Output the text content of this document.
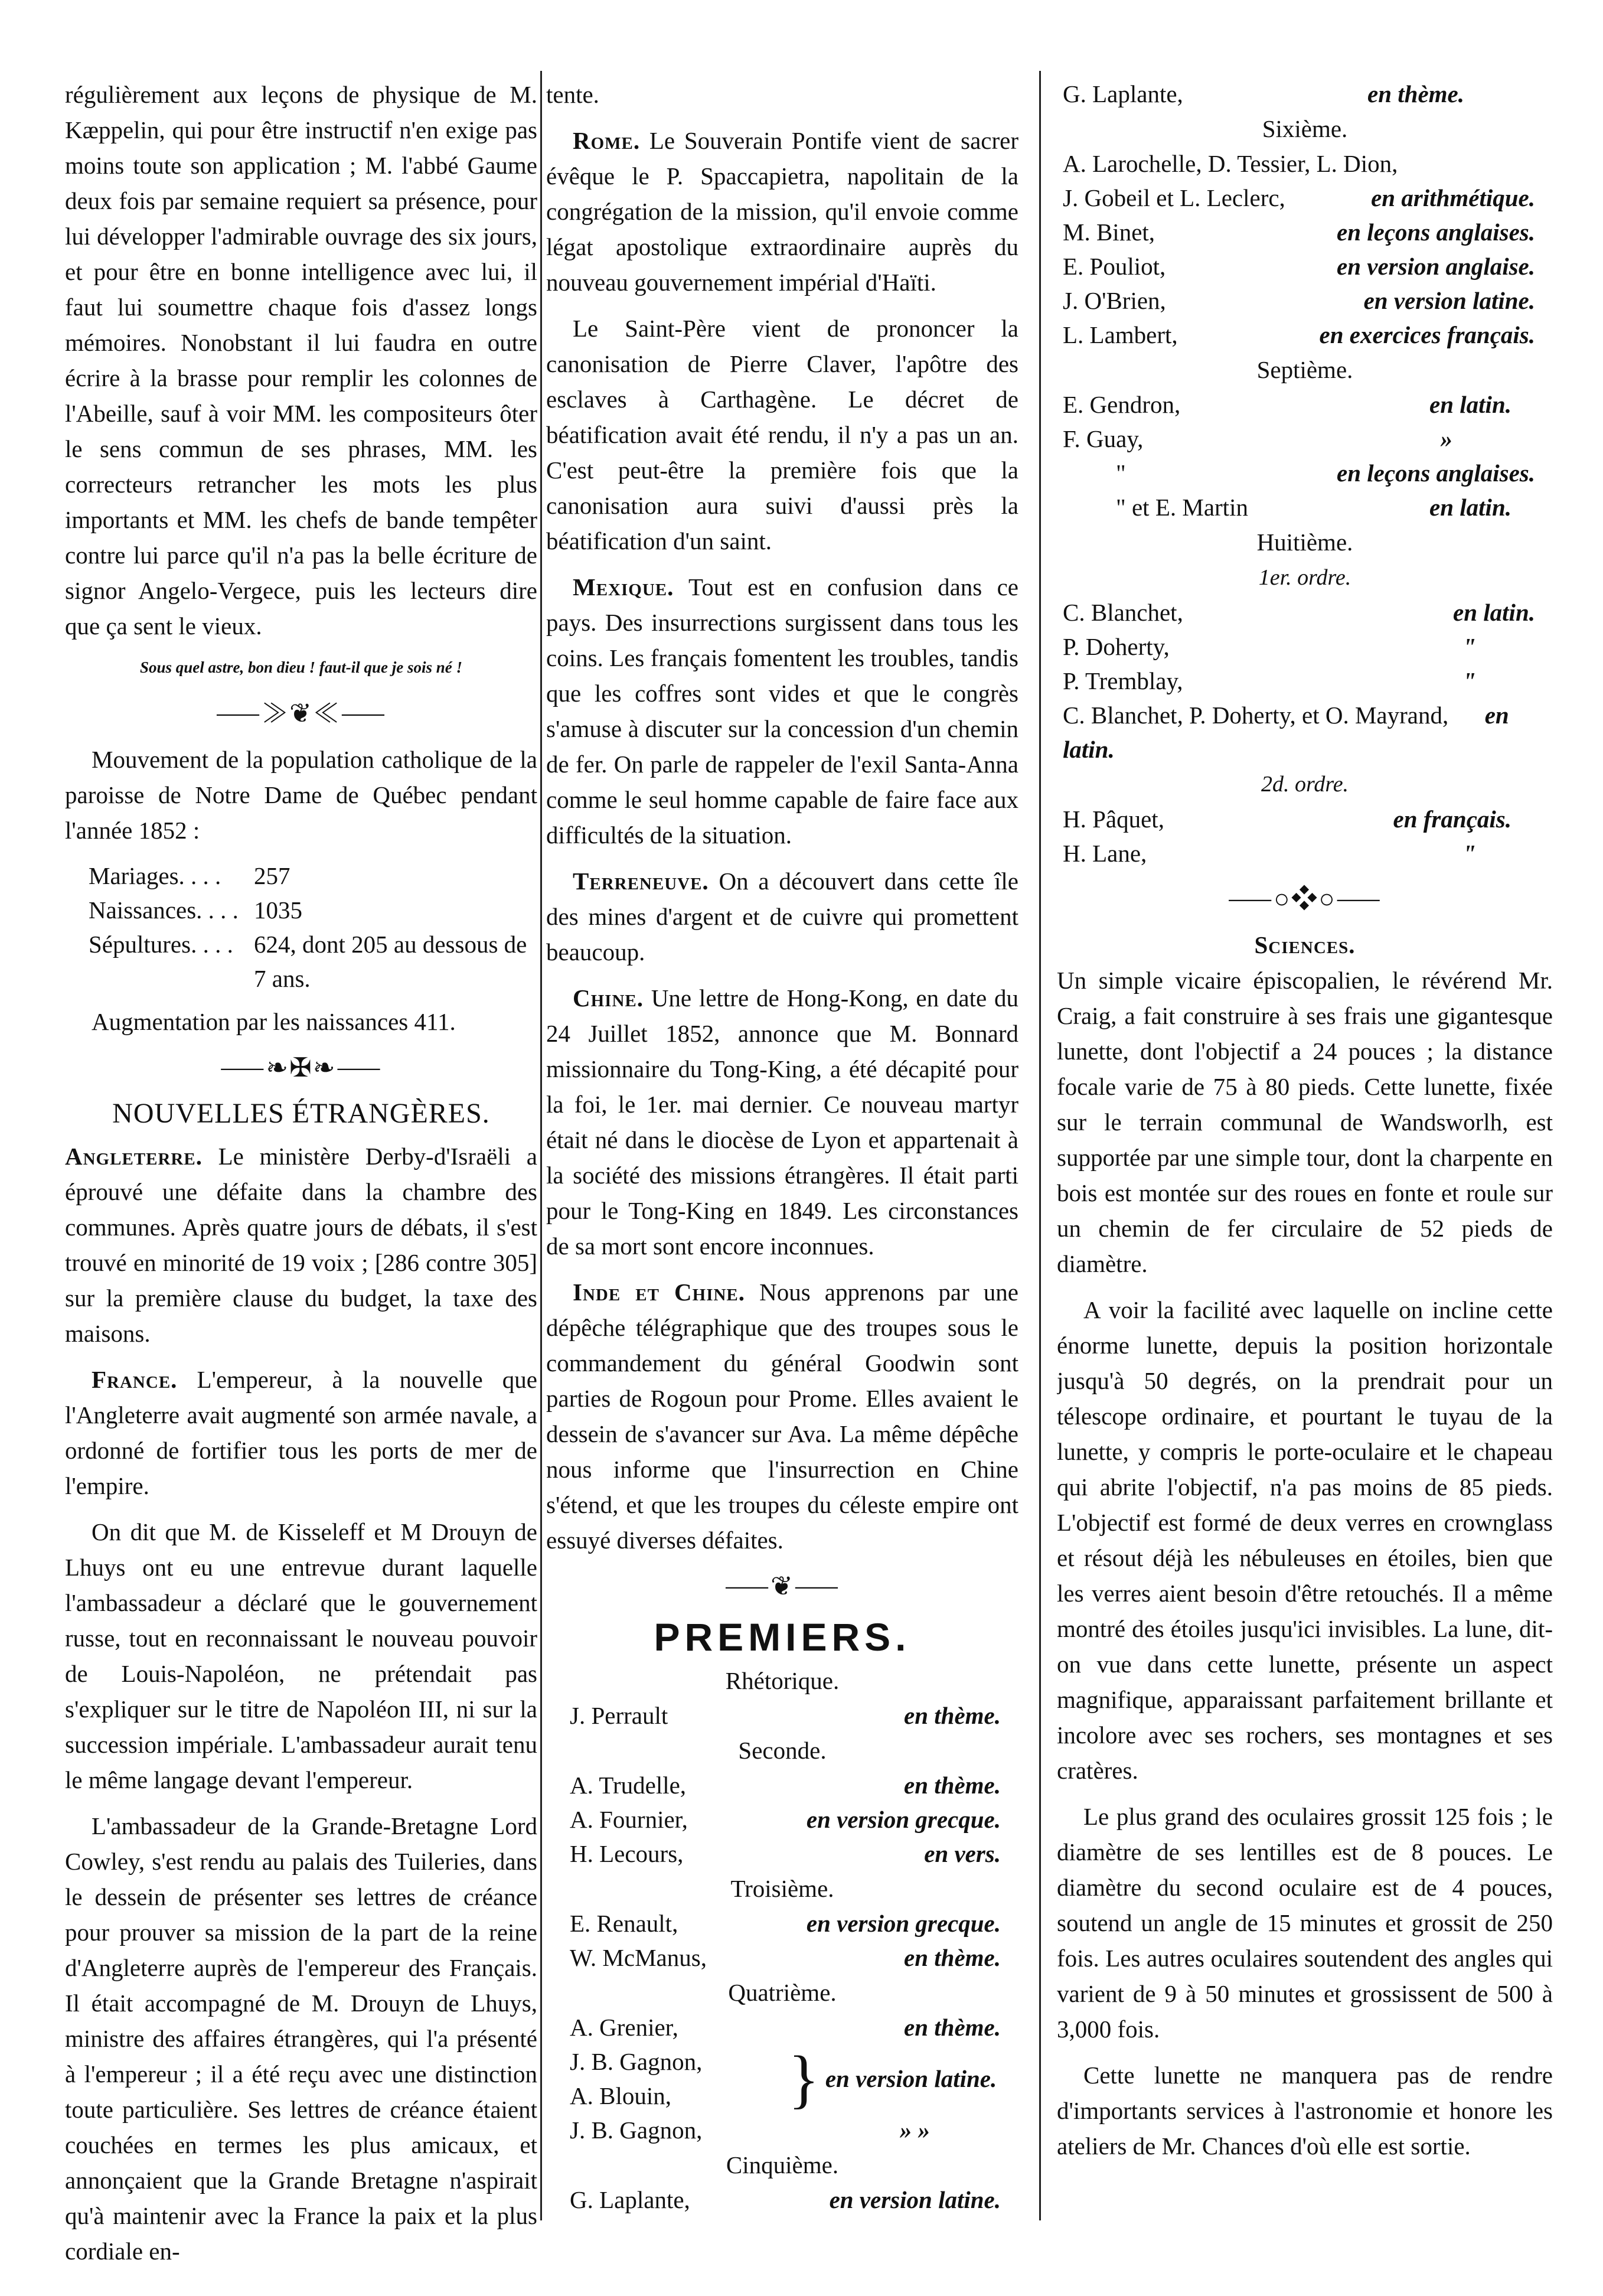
régulièrement aux leçons de physique de M. Kæppelin, qui pour être instructif n'en exige pas moins toute son application ; M. l'abbé Gaume deux fois par semaine requiert sa présence, pour lui développer l'admirable ouvrage des six jours, et pour être en bonne intelligence avec lui, il faut lui soumettre chaque fois d'assez longs mémoires. Nonobstant il lui faudra en outre écrire à la brasse pour remplir les colonnes de l'Abeille, sauf à voir MM. les compositeurs ôter le sens commun de ses phrases, MM. les correcteurs retrancher les mots les plus importants et MM. les chefs de bande tempêter contre lui parce qu'il n'a pas la belle écriture de signor Angelo-Vergece, puis les lecteurs dire que ça sent le vieux.

Sous quel astre, bon dieu ! faut-il que je sois né !
⸺≫❦≪⸺

Mouvement de la population catholique de la paroisse de Notre Dame de Québec pendant l'année 1852 :

Mariages. . . .	257
Naissances. . . . 1035
Sépultures. . . . 624, dont 205 au dessous de 7 ans.

Augmentation par les naissances 411.

⸺❧✠❧⸺
NOUVELLES ÉTRANGÈRES.

Angleterre. Le ministère Derby-d'Israëli a éprouvé une défaite dans la chambre des communes. Après quatre jours de débats, il s'est trouvé en minorité de 19 voix ; [286 contre 305] sur la première clause du budget, la taxe des maisons.

France. L'empereur, à la nouvelle que l'Angleterre avait augmenté son armée navale, a ordonné de fortifier tous les ports de mer de l'empire.

On dit que M. de Kisseleff et M Drouyn de Lhuys ont eu une entrevue durant laquelle l'ambassadeur a déclaré que le gouvernement russe, tout en reconnaissant le nouveau pouvoir de Louis-Napoléon, ne prétendait pas s'expliquer sur le titre de Napoléon III, ni sur la succession impériale. L'ambassadeur aurait tenu le même langage devant l'empereur.

L'ambassadeur de la Grande-Bretagne Lord Cowley, s'est rendu au palais des Tuileries, dans le dessein de présenter ses lettres de créance pour prouver sa mission de la part de la reine d'Angleterre auprès de l'empereur des Français. Il était accompagné de M. Drouyn de Lhuys, ministre des affaires étrangères, qui l'a présenté à l'empereur ; il a été reçu avec une distinction toute particulière. Ses lettres de créance étaient couchées en termes les plus amicaux, et annonçaient que la Grande Bretagne n'aspirait qu'à maintenir avec la France la paix et la plus cordiale en-

tente.

Rome. Le Souverain Pontife vient de sacrer évêque le P. Spaccapietra, napolitain de la congrégation de la mission, qu'il envoie comme légat apostolique extraordinaire auprès du nouveau gouvernement impérial d'Haïti.

Le Saint-Père vient de prononcer la canonisation de Pierre Claver, l'apôtre des esclaves à Carthagène. Le décret de béatification avait été rendu, il n'y a pas un an. C'est peut-être la première fois que la canonisation aura suivi d'aussi près la béatification d'un saint.

Mexique. Tout est en confusion dans ce pays. Des insurrections surgissent dans tous les coins. Les français fomentent les troubles, tandis que les coffres sont vides et que le congrès s'amuse à discuter sur la concession d'un chemin de fer. On parle de rappeler de l'exil Santa-Anna comme le seul homme capable de faire face aux difficultés de la situation.

Terreneuve. On a découvert dans cette île des mines d'argent et de cuivre qui promettent beaucoup.

Chine. Une lettre de Hong-Kong, en date du 24 Juillet 1852, annonce que M. Bonnard missionnaire du Tong-King, a été décapité pour la foi, le 1er. mai dernier. Ce nouveau martyr était né dans le diocèse de Lyon et appartenait à la société des missions étrangères. Il était parti pour le Tong-King en 1849. Les circonstances de sa mort sont encore inconnues.

Inde et Chine. Nous apprenons par une dépêche télégraphique que des troupes sous le commandement du général Goodwin sont parties de Rogoun pour Prome. Elles avaient le dessein de s'avancer sur Ava. La même dépêche nous informe que l'insurrection en Chine s'étend, et que les troupes du céleste empire ont essuyé diverses défaites.

⸺❦⸺
PREMIERS.
Rhétorique.
J. Perrault	en thème.
Seconde.
A. Trudelle,	en thème.
A. Fournier,	en version grecque.
H. Lecours,	en vers.
Troisième.
E. Renault,	en version grecque.
W. McManus,	en thème.
Quatrième.
A. Grenier,	en thème.
J. B. Gagnon,
A. Blouin,	} en version latine.
J. B. Gagnon,	» »
Cinquième.
G. Laplante,	en version latine.
G. Laplante,	en thème.
Sixième.
A. Larochelle, D. Tessier, L. Dion,
J. Gobeil et L. Leclerc,	en arithmétique.
M. Binet,	en leçons anglaises.
E. Pouliot,	en version anglaise.
J. O'Brien,	en version latine.
L. Lambert,	en exercices français.
Septième.
E. Gendron,	en latin.
F. Guay,	»
"	en leçons anglaises.
" et E. Martin	en latin.
Huitième.
1er. ordre.
C. Blanchet,	en latin.
P. Doherty,	"
P. Tremblay,	"
C. Blanchet, P. Doherty, et O. Mayrand, en latin.
2d. ordre.
H. Pâquet,	en français.
H. Lane,	"
⸺○❖○⸺
Sciences.

Un simple vicaire épiscopalien, le révérend Mr. Craig, a fait construire à ses frais une gigantesque lunette, dont l'objectif a 24 pouces ; la distance focale varie de 75 à 80 pieds. Cette lunette, fixée sur le terrain communal de Wandsworlh, est supportée par une simple tour, dont la charpente en bois est montée sur des roues en fonte et roule sur un chemin de fer circulaire de 52 pieds de diamètre.

A voir la facilité avec laquelle on incline cette énorme lunette, depuis la position horizontale jusqu'à 50 degrés, on la prendrait pour un télescope ordinaire, et pourtant le tuyau de la lunette, y compris le porte-oculaire et le chapeau qui abrite l'objectif, n'a pas moins de 85 pieds. L'objectif est formé de deux verres en crownglass et résout déjà les nébuleuses en étoiles, bien que les verres aient besoin d'être retouchés. Il a même montré des étoiles jusqu'ici invisibles. La lune, dit-on vue dans cette lunette, présente un aspect magnifique, apparaissant parfaitement brillante et incolore avec ses rochers, ses montagnes et ses cratères.

Le plus grand des oculaires grossit 125 fois ; le diamètre de ses lentilles est de 8 pouces. Le diamètre du second oculaire est de 4 pouces, soutend un angle de 15 minutes et grossit de 250 fois. Les autres oculaires soutendent des angles qui varient de 9 à 50 minutes et grossissent de 500 à 3,000 fois.

Cette lunette ne manquera pas de rendre d'importants services à l'astronomie et honore les ateliers de Mr. Chances d'où elle est sortie.
